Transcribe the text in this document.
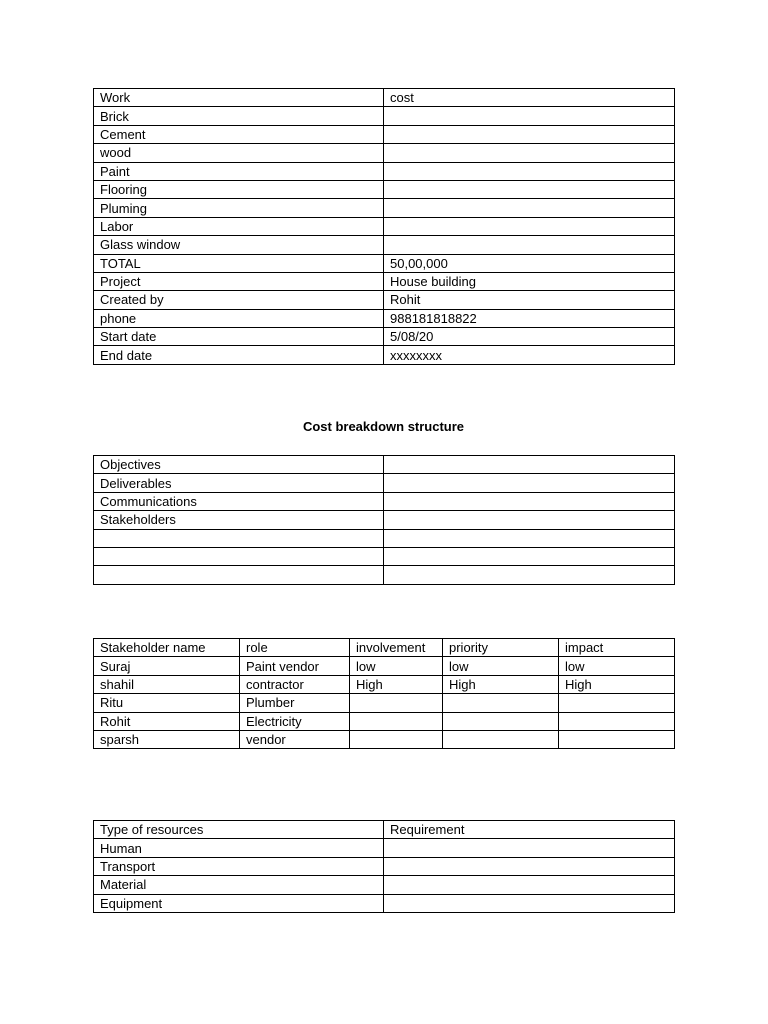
Work	cost
Brick	
Cement	
wood	
Paint	
Flooring	
Pluming	
Labor	
Glass window	
TOTAL	50,00,000
Project	House building
Created by	Rohit
phone	988181818822
Start date	5/08/20
End date	xxxxxxxx
Cost breakdown structure
Objectives	
Deliverables	
Communications	
Stakeholders	

Stakeholder name	role	involvement	priority	impact
Suraj	Paint vendor	low	low	low
shahil	contractor	High	High	High
Ritu	Plumber			
Rohit	Electricity			
sparsh	vendor			
Type of resources	Requirement
Human	
Transport	
Material	
Equipment	
